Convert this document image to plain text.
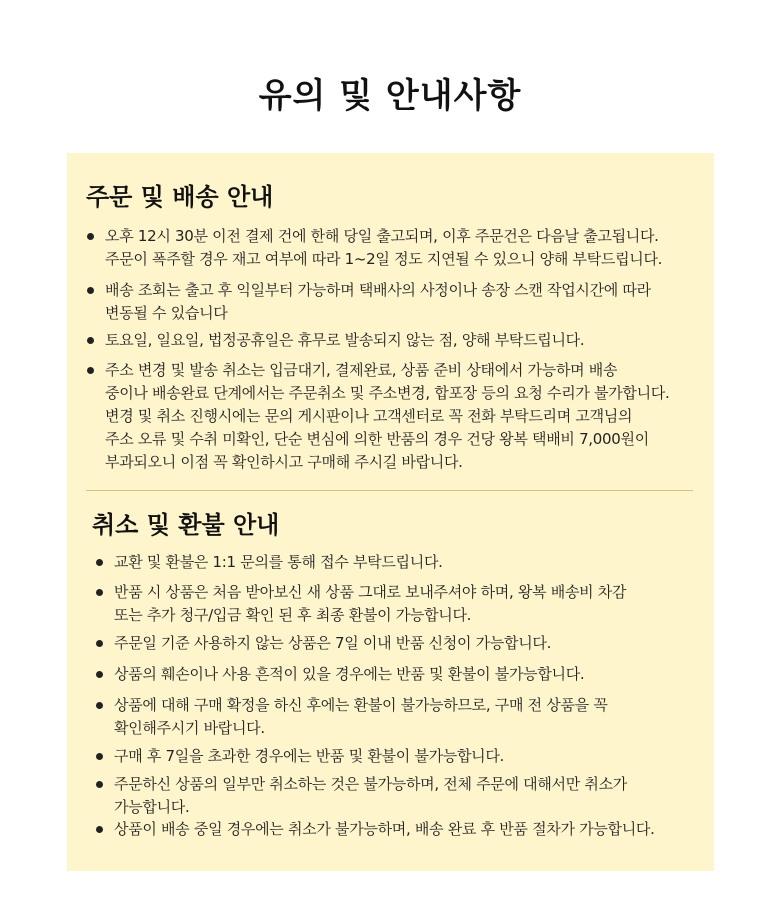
유의 및 안내사항
주문 및 배송 안내
오후 12시 30분 이전 결제 건에 한해 당일 출고되며, 이후 주문건은 다음날 출고됩니다.
주문이 폭주할 경우 재고 여부에 따라 1~2일 정도 지연될 수 있으니 양해 부탁드립니다.
배송 조회는 출고 후 익일부터 가능하며 택배사의 사정이나 송장 스캔 작업시간에 따라
변동될 수 있습니다
토요일, 일요일, 법정공휴일은 휴무로 발송되지 않는 점, 양해 부탁드립니다.
주소 변경 및 발송 취소는 입금대기, 결제완료, 상품 준비 상태에서 가능하며 배송
중이나 배송완료 단계에서는 주문취소 및 주소변경, 합포장 등의 요청 수리가 불가합니다.
변경 및 취소 진행시에는 문의 게시판이나 고객센터로 꼭 전화 부탁드리며 고객님의
주소 오류 및 수취 미확인, 단순 변심에 의한 반품의 경우 건당 왕복 택배비 7,000원이
부과되오니 이점 꼭 확인하시고 구매해 주시길 바랍니다.
취소 및 환불 안내
교환 및 환불은 1:1 문의를 통해 접수 부탁드립니다.
반품 시 상품은 처음 받아보신 새 상품 그대로 보내주셔야 하며, 왕복 배송비 차감
또는 추가 청구/입금 확인 된 후 최종 환불이 가능합니다.
주문일 기준 사용하지 않는 상품은 7일 이내 반품 신청이 가능합니다.
상품의 훼손이나 사용 흔적이 있을 경우에는 반품 및 환불이 불가능합니다.
상품에 대해 구매 확정을 하신 후에는 환불이 불가능하므로, 구매 전 상품을 꼭
확인해주시기 바랍니다.
구매 후 7일을 초과한 경우에는 반품 및 환불이 불가능합니다.
주문하신 상품의 일부만 취소하는 것은 불가능하며, 전체 주문에 대해서만 취소가
가능합니다.
상품이 배송 중일 경우에는 취소가 불가능하며, 배송 완료 후 반품 절차가 가능합니다.
